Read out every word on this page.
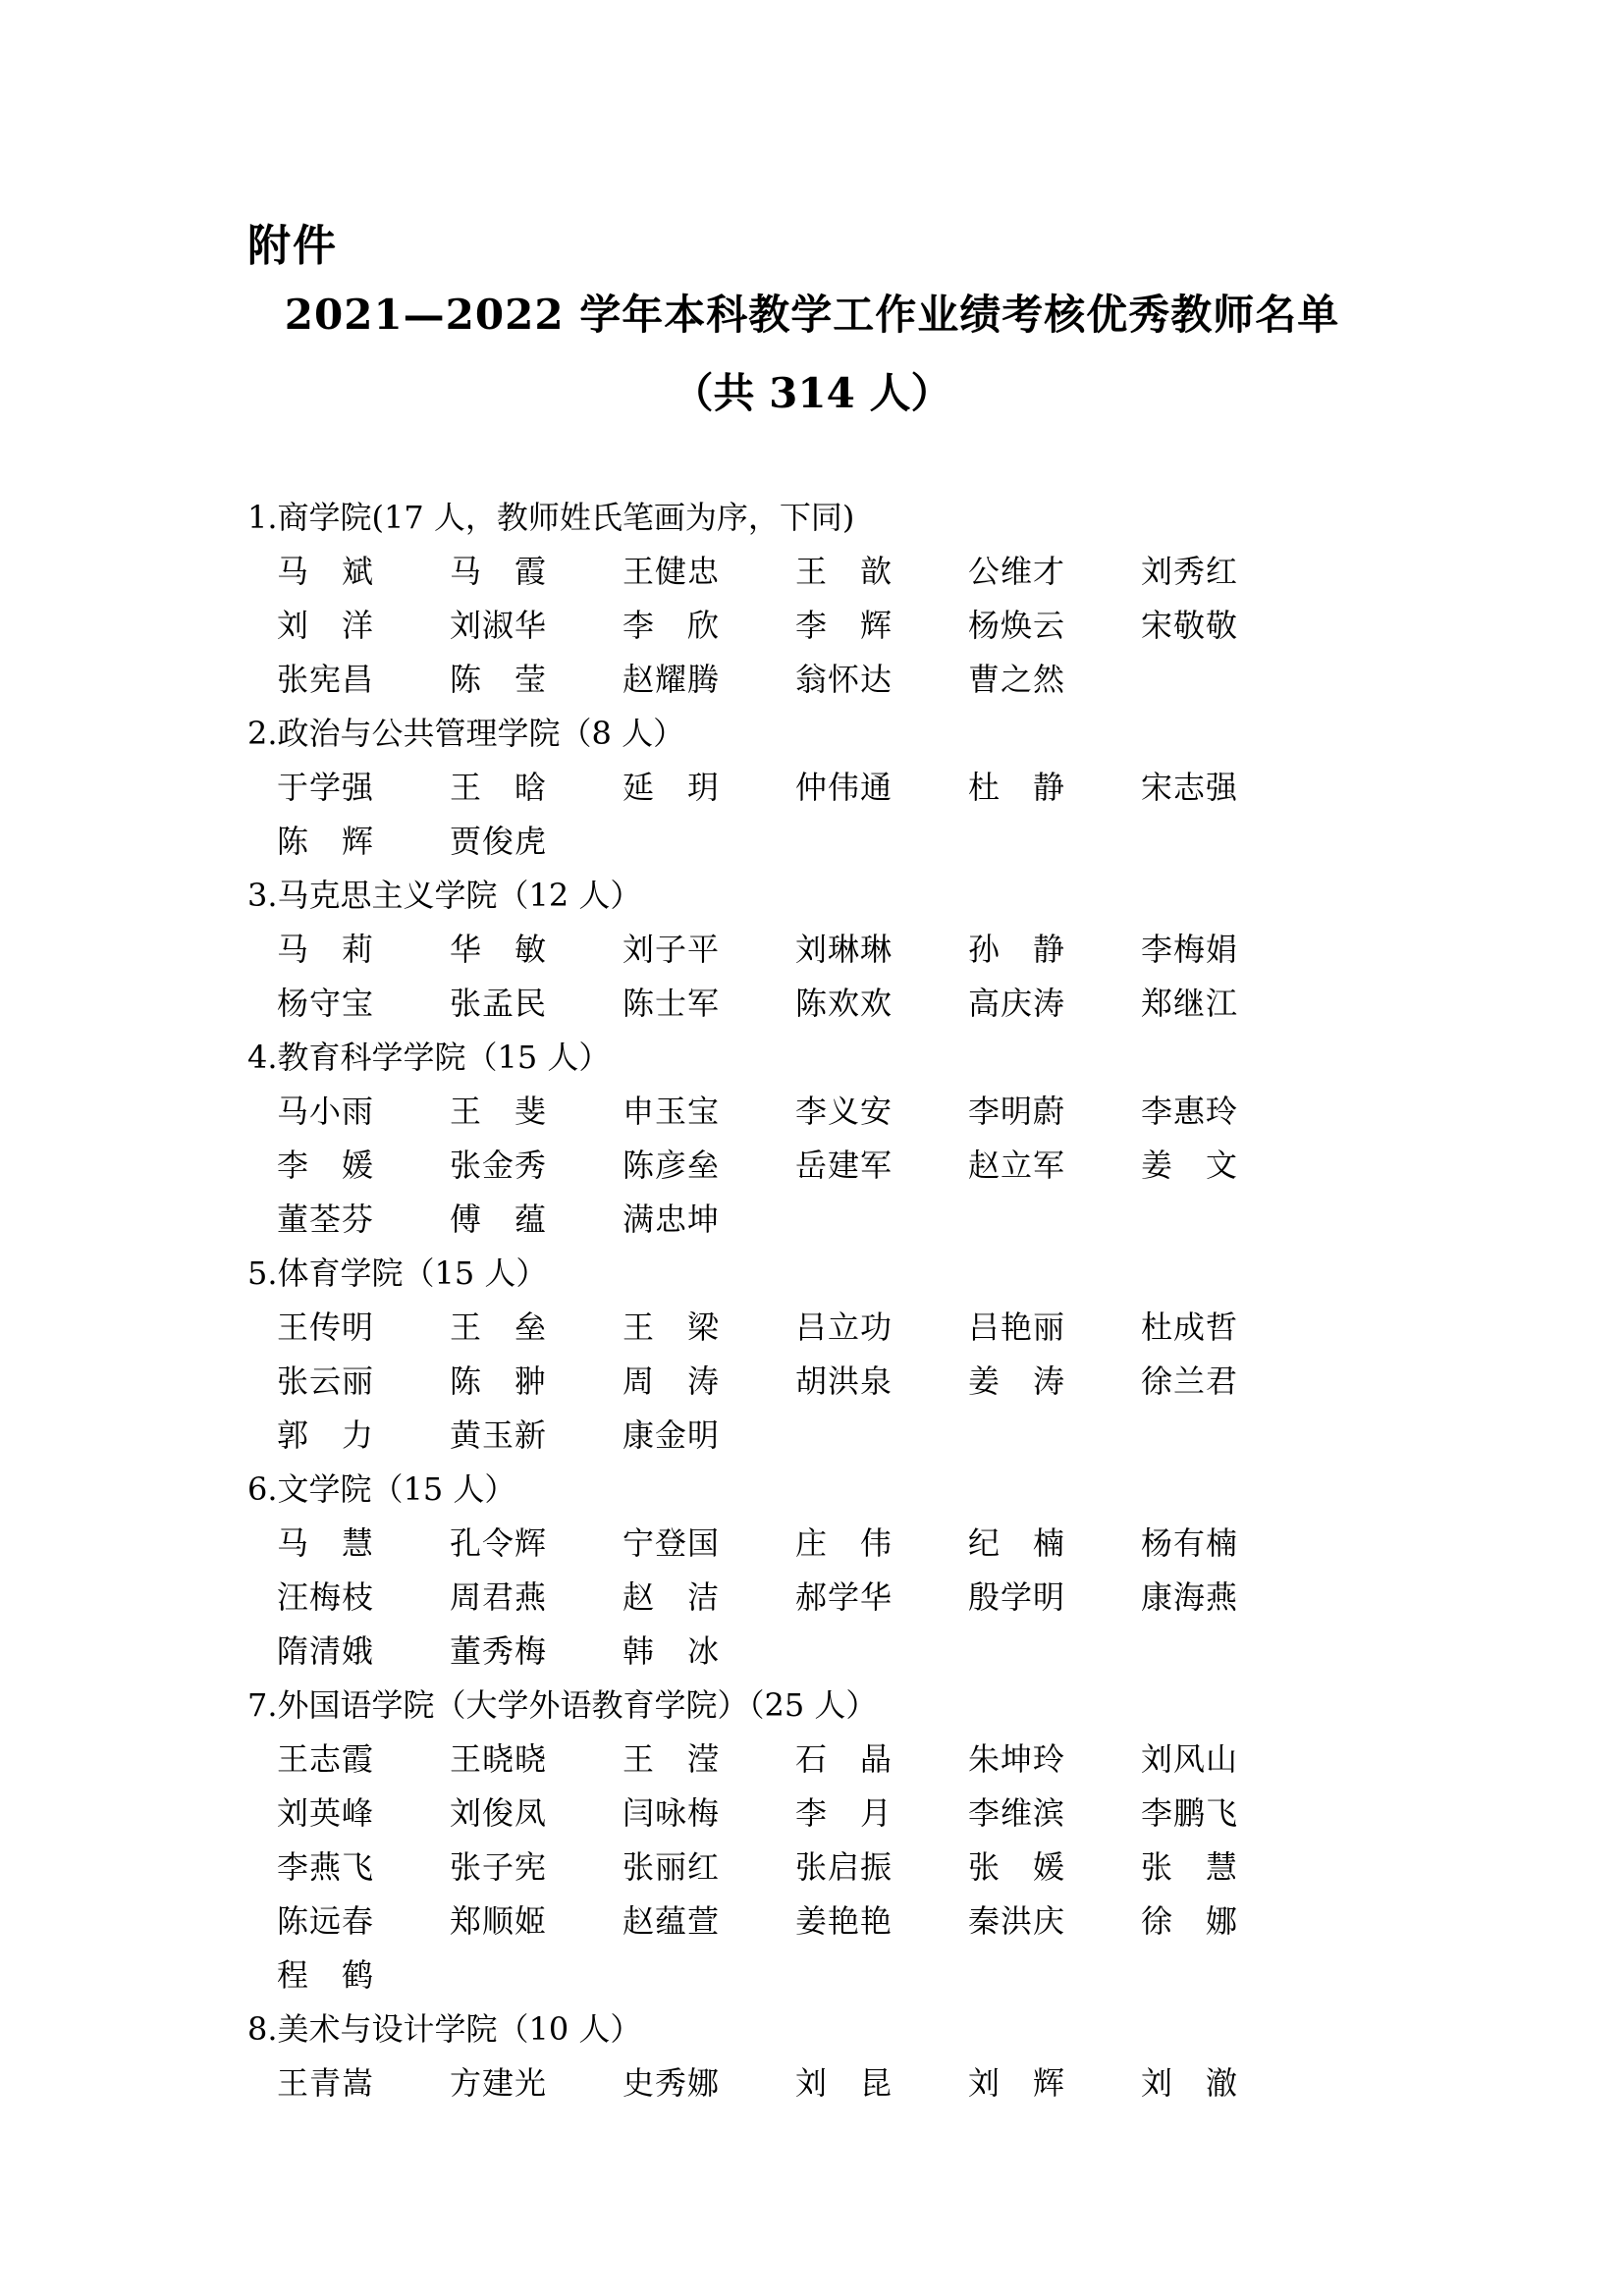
附件
2021—2022 学年本科教学工作业绩考核优秀教师名单
（共 314 人）
1.商学院(17 人，教师姓氏笔画为序，下同)
马　斌	马　霞	王健忠	王　歆	公维才	刘秀红
刘　洋	刘淑华	李　欣	李　辉	杨焕云	宋敬敬
张宪昌	陈　莹	赵耀腾	翁怀达	曹之然
2.政治与公共管理学院（8 人）
于学强	王　晗	延　玥	仲伟通	杜　静	宋志强
陈　辉	贾俊虎
3.马克思主义学院（12 人）
马　莉	华　敏	刘子平	刘琳琳	孙　静	李梅娟
杨守宝	张孟民	陈士军	陈欢欢	高庆涛	郑继江
4.教育科学学院（15 人）
马小雨	王　斐	申玉宝	李义安	李明蔚	李惠玲
李　媛	张金秀	陈彦垒	岳建军	赵立军	姜　文
董荃芬	傅　蕴	满忠坤
5.体育学院（15 人）
王传明	王　垒	王　梁	吕立功	吕艳丽	杜成哲
张云丽	陈　翀	周　涛	胡洪泉	姜　涛	徐兰君
郭　力	黄玉新	康金明
6.文学院（15 人）
马　慧	孔令辉	宁登国	庄　伟	纪　楠	杨有楠
汪梅枝	周君燕	赵　洁	郝学华	殷学明	康海燕
隋清娥	董秀梅	韩　冰
7.外国语学院（大学外语教育学院）（25 人）
王志霞	王晓晓	王　滢	石　晶	朱坤玲	刘风山
刘英峰	刘俊凤	闫咏梅	李　月	李维滨	李鹏飞
李燕飞	张子宪	张丽红	张启振	张　媛	张　慧
陈远春	郑顺姬	赵蕴萱	姜艳艳	秦洪庆	徐　娜
程　鹤
8.美术与设计学院（10 人）
王青嵩	方建光	史秀娜	刘　昆	刘　辉	刘　澈
